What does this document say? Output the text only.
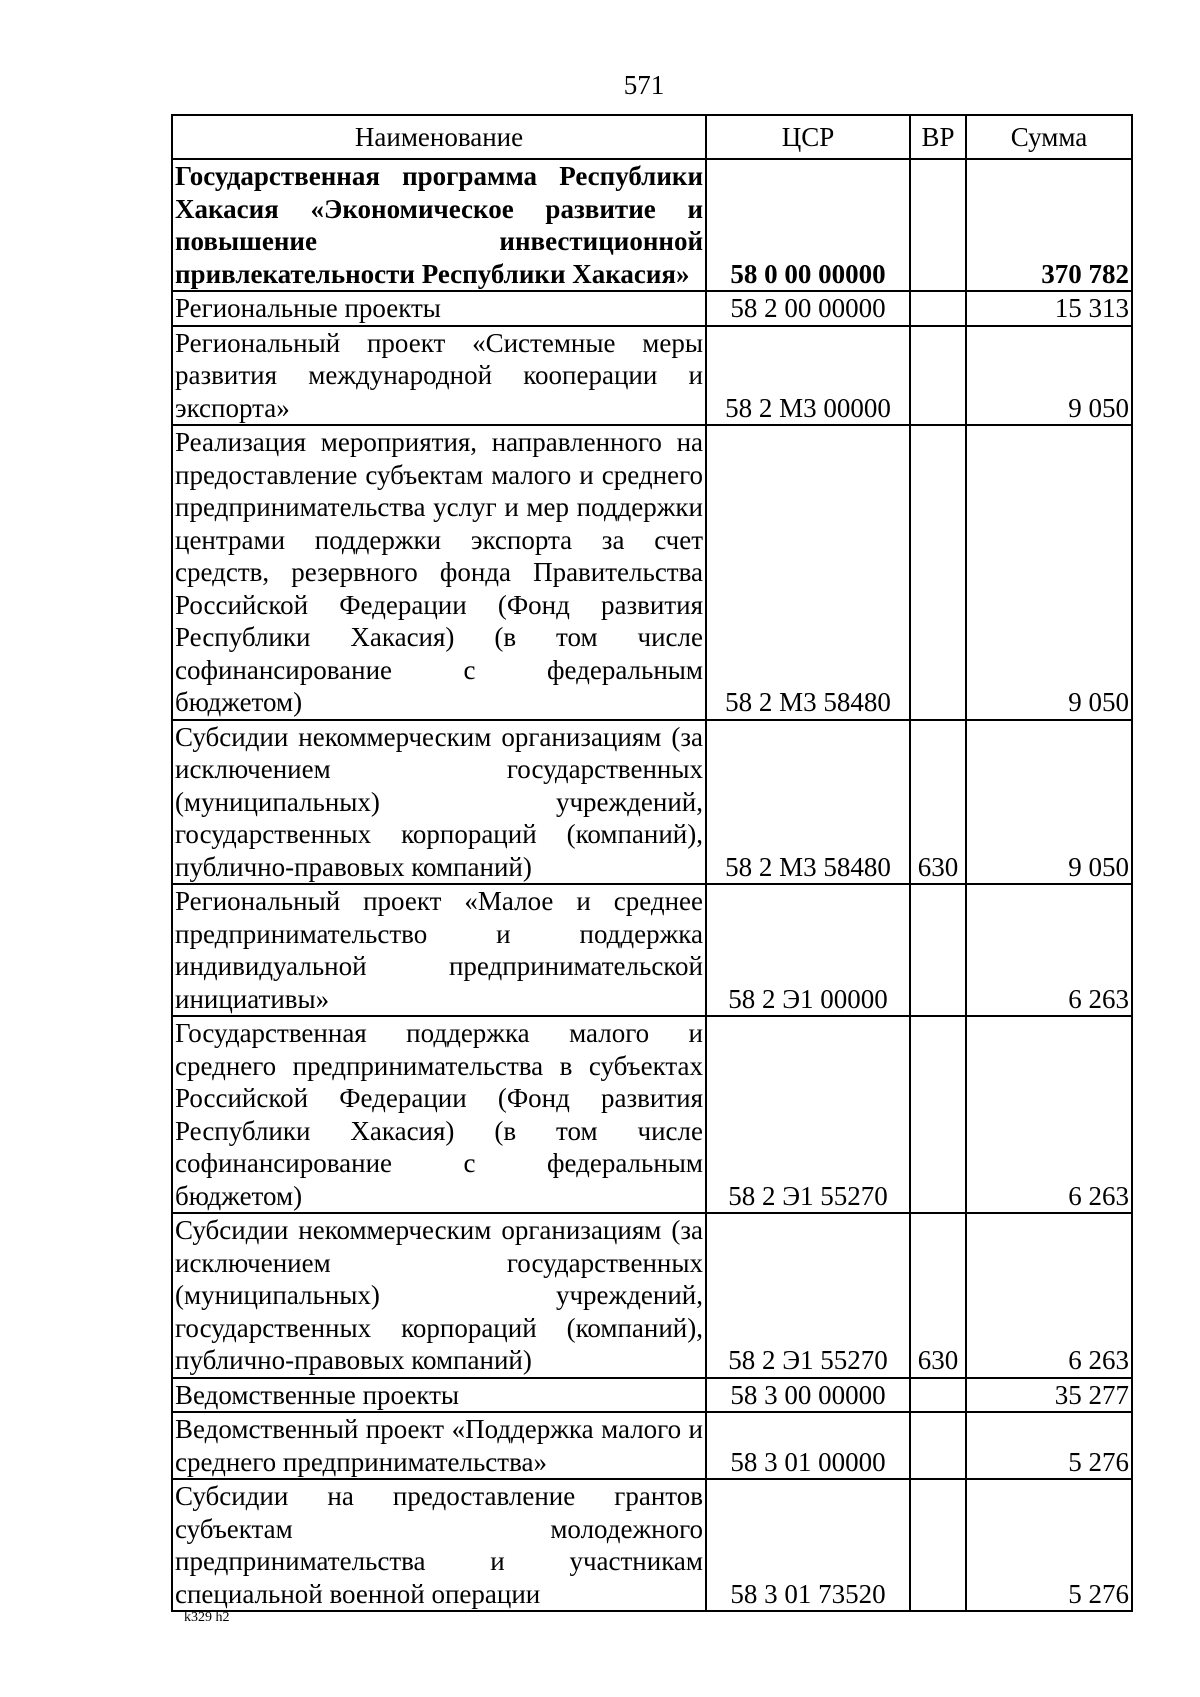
571
Наименование	ЦСР	ВР	Сумма
Государственная программа Республики Хакасия «Экономическое развитие и повышение инвестиционной привлекательности Республики Хакасия»	58 0 00 00000		370 782
Региональные проекты	58 2 00 00000		15 313
Региональный проект «Системные меры развития международной кооперации и экспорта»	58 2 М3 00000		9 050
Реализация мероприятия, направленного на предоставление субъектам малого и среднего предпринимательства услуг и мер поддержки центрами поддержки экспорта за счет средств, резервного фонда Правительства Российской Федерации (Фонд развития Республики Хакасия) (в том числе софинансирование с федеральным бюджетом)	58 2 М3 58480		9 050
Субсидии некоммерческим организациям (за исключением государственных (муниципальных) учреждений, государственных корпораций (компаний), публично-правовых компаний)	58 2 М3 58480	630	9 050
Региональный проект «Малое и среднее предпринимательство и поддержка индивидуальной предпринимательской инициативы»	58 2 Э1 00000		6 263
Государственная поддержка малого и среднего предпринимательства в субъектах Российской Федерации (Фонд развития Республики Хакасия) (в том числе софинансирование с федеральным бюджетом)	58 2 Э1 55270		6 263
Субсидии некоммерческим организациям (за исключением государственных (муниципальных) учреждений, государственных корпораций (компаний), публично-правовых компаний)	58 2 Э1 55270	630	6 263
Ведомственные проекты	58 3 00 00000		35 277
Ведомственный проект «Поддержка малого и среднего предпринимательства»	58 3 01 00000		5 276
Субсидии на предоставление грантов субъектам молодежного предпринимательства и участникам специальной военной операции	58 3 01 73520		5 276
k329 h2
